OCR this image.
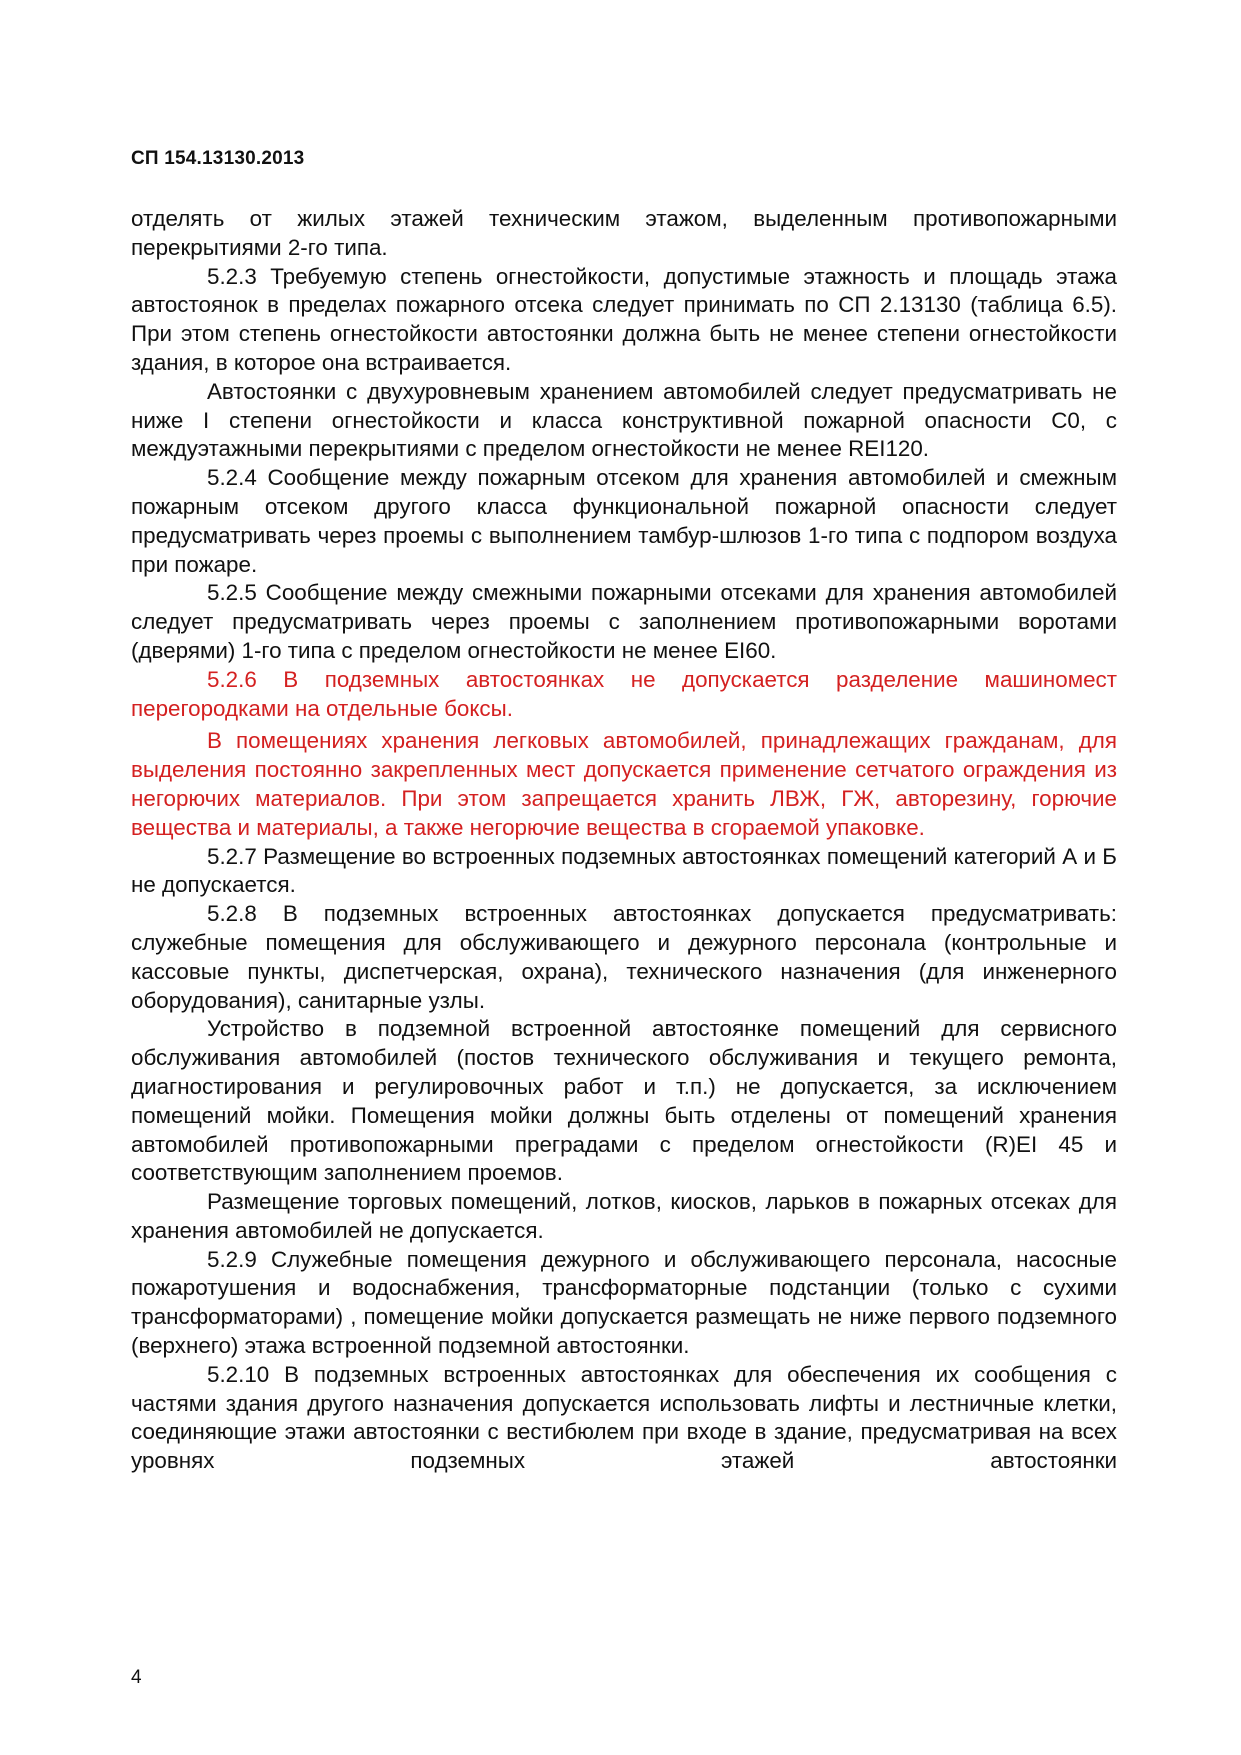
СП 154.13130.2013

отделять от жилых этажей техническим этажом, выделенным противопожарными перекрытиями 2-го типа.

5.2.3 Требуемую степень огнестойкости, допустимые этажность и площадь этажа автостоянок в пределах пожарного отсека следует принимать по СП 2.13130 (таблица 6.5). При этом степень огнестойкости автостоянки должна быть не менее степени огнестойкости здания, в которое она встраивается.

Автостоянки с двухуровневым хранением автомобилей следует предусматривать не ниже I степени огнестойкости и класса конструктивной пожарной опасности С0, с междуэтажными перекрытиями с пределом огнестойкости не менее REI120.

5.2.4 Сообщение между пожарным отсеком для хранения автомобилей и смежным пожарным отсеком другого класса функциональной пожарной опасности следует предусматривать через проемы с выполнением тамбур-шлюзов 1-го типа с подпором воздуха при пожаре.

5.2.5 Сообщение между смежными пожарными отсеками для хранения автомобилей следует предусматривать через проемы с заполнением противопожарными воротами (дверями) 1-го типа с пределом огнестойкости не менее EI60.

5.2.6 В подземных автостоянках не допускается разделение машиномест перегородками на отдельные боксы.

В помещениях хранения легковых автомобилей, принадлежащих гражданам, для выделения постоянно закрепленных мест допускается применение сетчатого ограждения из негорючих материалов. При этом запрещается хранить ЛВЖ, ГЖ, авторезину, горючие вещества и материалы, а также негорючие вещества в сгораемой упаковке.

5.2.7 Размещение во встроенных подземных автостоянках помещений категорий А и Б не допускается.

5.2.8 В подземных встроенных автостоянках допускается предусматривать: служебные помещения для обслуживающего и дежурного персонала (контрольные и кассовые пункты, диспетчерская, охрана), технического назначения (для инженерного оборудования), санитарные узлы.

Устройство в подземной встроенной автостоянке помещений для сервисного обслуживания автомобилей (постов технического обслуживания и текущего ремонта, диагностирования и регулировочных работ и т.п.) не допускается, за исключением помещений мойки. Помещения мойки должны быть отделены от помещений хранения автомобилей противопожарными преградами с пределом огнестойкости (R)EI 45 и соответствующим заполнением проемов.

Размещение торговых помещений, лотков, киосков, ларьков в пожарных отсеках для хранения автомобилей не допускается.

5.2.9 Служебные помещения дежурного и обслуживающего персонала, насосные пожаротушения и водоснабжения, трансформаторные подстанции (только с сухими трансформаторами) , помещение мойки допускается размещать не ниже первого подземного (верхнего) этажа встроенной подземной автостоянки.

5.2.10 В подземных встроенных автостоянках для обеспечения их сообщения с частями здания другого назначения допускается использовать лифты и лестничные клетки, соединяющие этажи автостоянки с вестибюлем при входе в здание, предусматривая на всех уровнях подземных этажей автостоянки

4
